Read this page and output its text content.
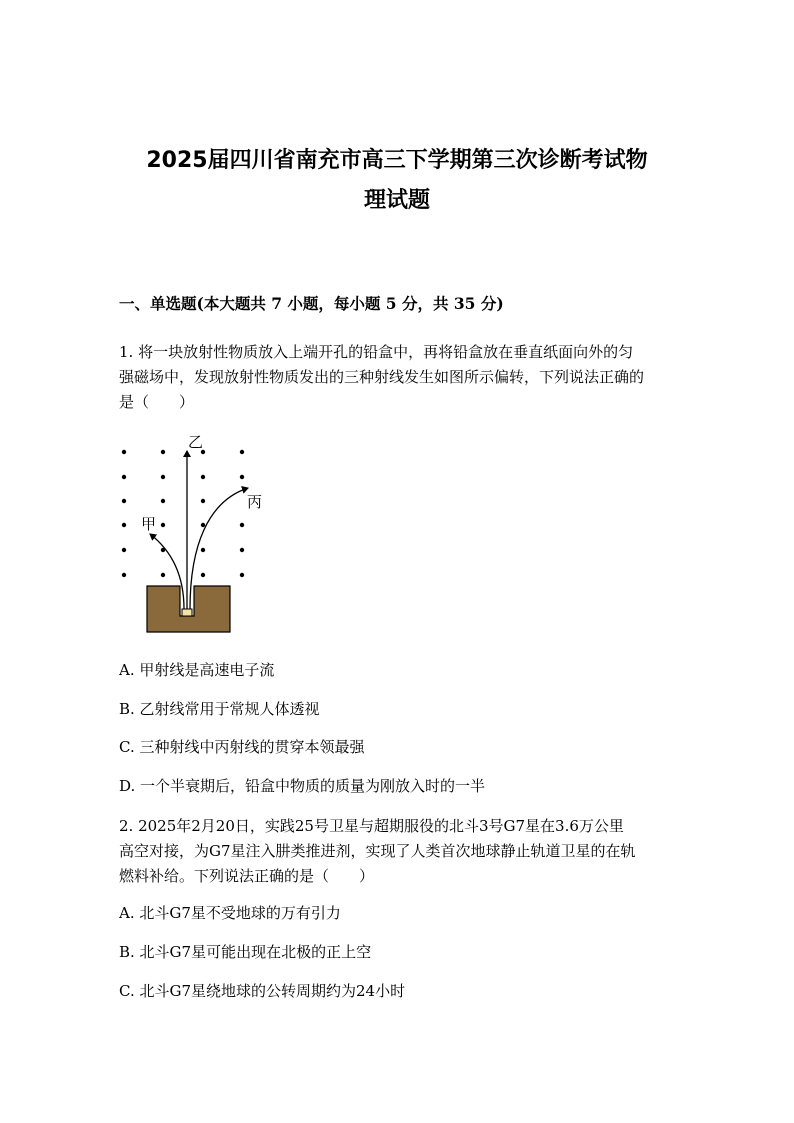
2025届四川省南充市高三下学期第三次诊断考试物
理试题
一、单选题(本大题共 7 小题，每小题 5 分，共 35 分)
1. 将一块放射性物质放入上端开孔的铅盒中，再将铅盒放在垂直纸面向外的匀
强磁场中，发现放射性物质发出的三种射线发生如图所示偏转，下列说法正确的
是（　　）
乙
甲
丙
A. 甲射线是高速电子流
B. 乙射线常用于常规人体透视
C. 三种射线中丙射线的贯穿本领最强
D. 一个半衰期后，铅盒中物质的质量为刚放入时的一半
2. 2025年2月20日，实践25号卫星与超期服役的北斗3号G7星在3.6万公里
高空对接，为G7星注入肼类推进剂，实现了人类首次地球静止轨道卫星的在轨
燃料补给。下列说法正确的是（　　）
A. 北斗G7星不受地球的万有引力
B. 北斗G7星可能出现在北极的正上空
C. 北斗G7星绕地球的公转周期约为24小时
